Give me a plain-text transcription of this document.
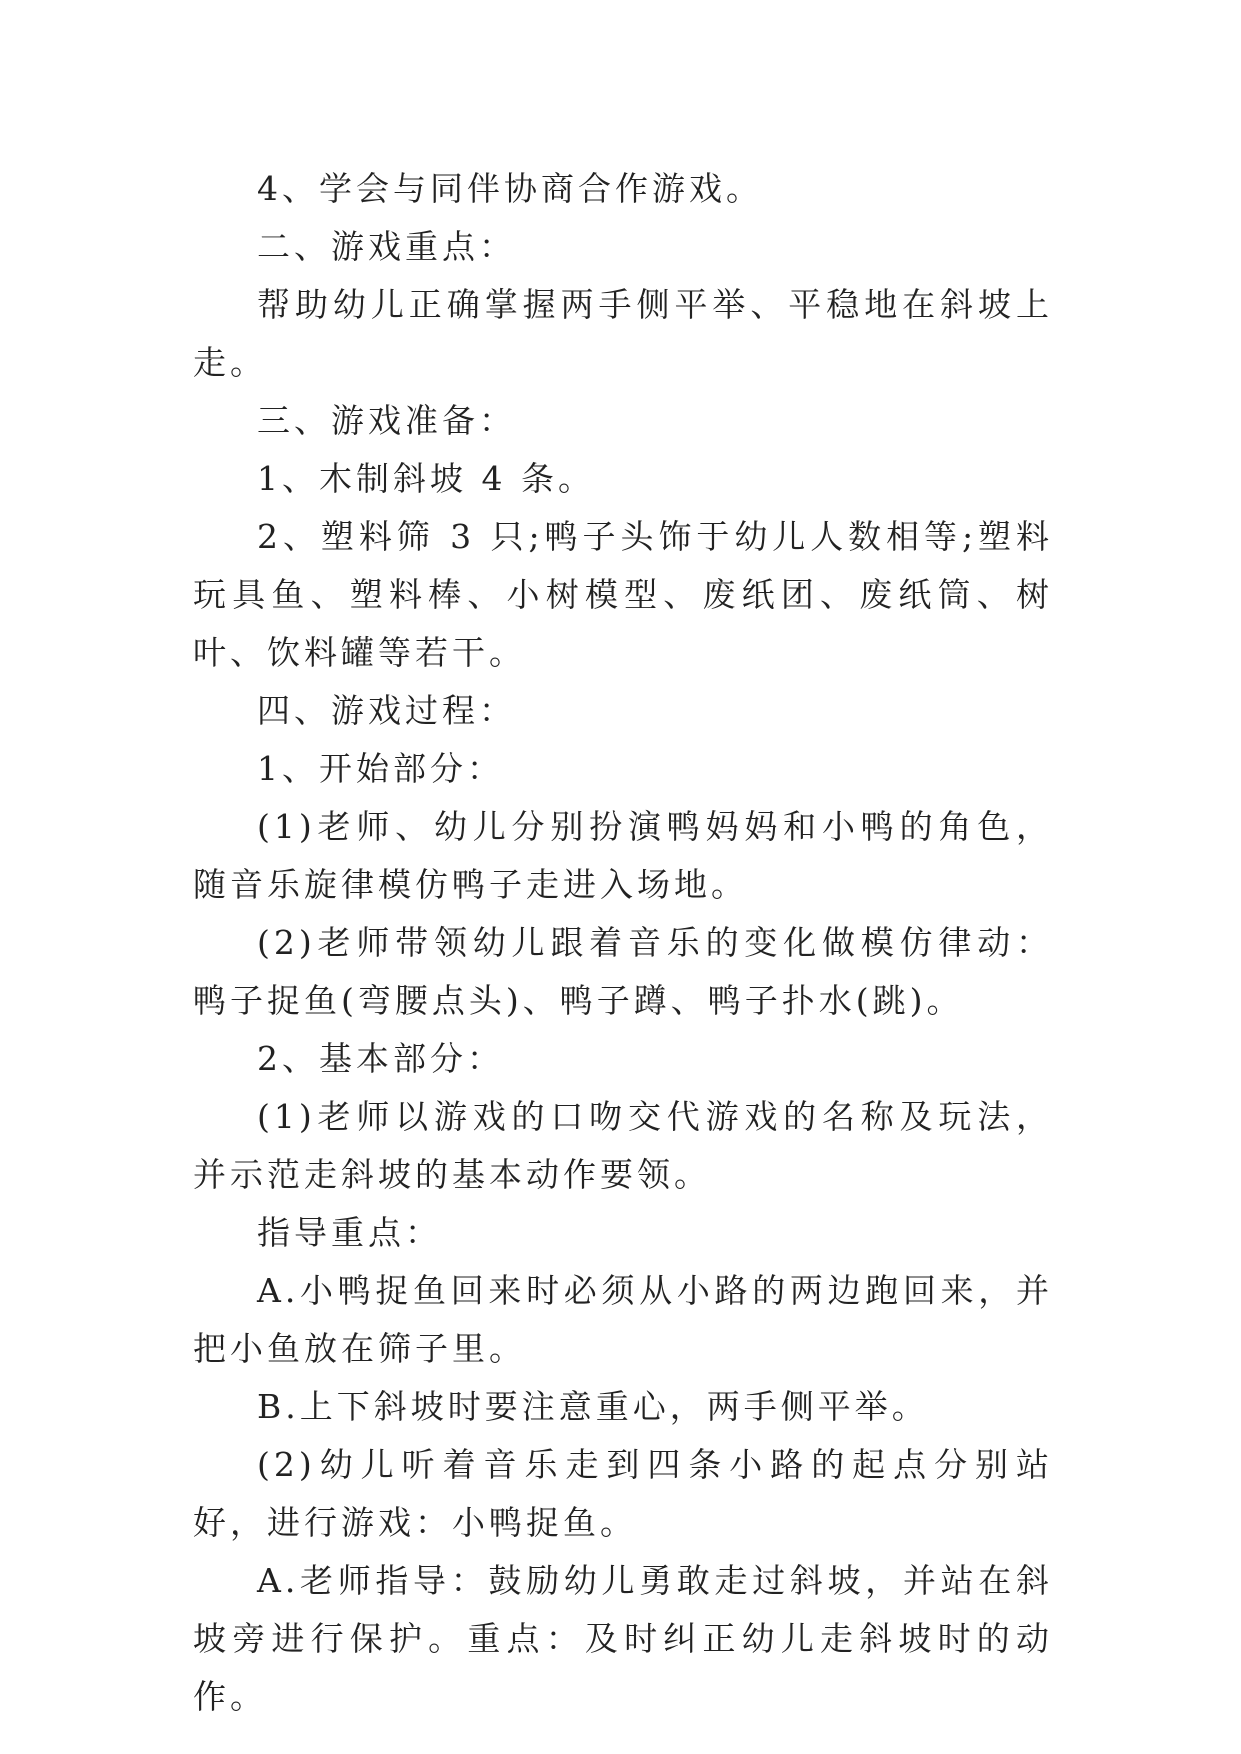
4、学会与同伴协商合作游戏。

二、游戏重点：

帮助幼儿正确掌握两手侧平举、平稳地在斜坡上走。

三、游戏准备：

1、木制斜坡 4 条。

2、塑料筛 3 只;鸭子头饰于幼儿人数相等;塑料玩具鱼、塑料棒、小树模型、废纸团、废纸筒、树叶、饮料罐等若干。

四、游戏过程：

1、开始部分：

(1)老师、幼儿分别扮演鸭妈妈和小鸭的角色，随音乐旋律模仿鸭子走进入场地。

(2)老师带领幼儿跟着音乐的变化做模仿律动：鸭子捉鱼(弯腰点头)、鸭子蹲、鸭子扑水(跳)。

2、基本部分：

(1)老师以游戏的口吻交代游戏的名称及玩法，并示范走斜坡的基本动作要领。

指导重点：

A.小鸭捉鱼回来时必须从小路的两边跑回来，并把小鱼放在筛子里。

B.上下斜坡时要注意重心，两手侧平举。

(2)幼儿听着音乐走到四条小路的起点分别站好，进行游戏：小鸭捉鱼。

A.老师指导：鼓励幼儿勇敢走过斜坡，并站在斜坡旁进行保护。重点：及时纠正幼儿走斜坡时的动作。
